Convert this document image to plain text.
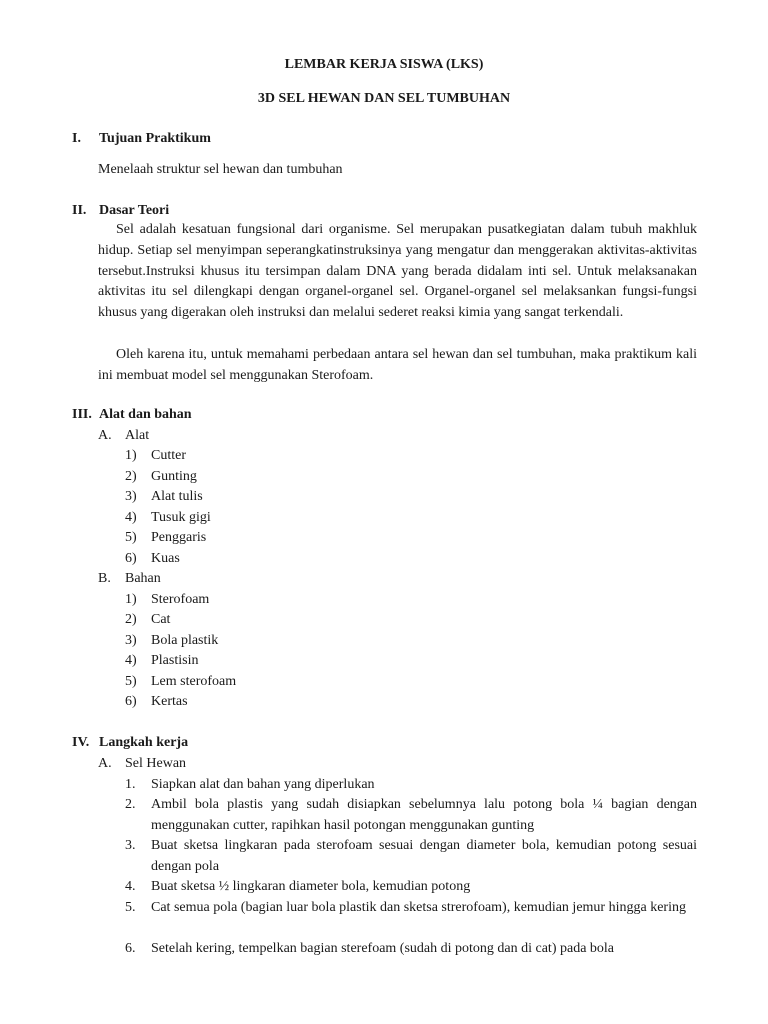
LEMBAR KERJA SISWA (LKS)
3D SEL HEWAN DAN SEL TUMBUHAN
I. Tujuan Praktikum
Menelaah struktur sel hewan dan tumbuhan
II. Dasar Teori

Sel adalah kesatuan fungsional dari organisme. Sel merupakan pusatkegiatan dalam tubuh makhluk hidup. Setiap sel menyimpan seperangkatinstruksinya yang mengatur dan menggerakan aktivitas-aktivitas tersebut.Instruksi khusus itu tersimpan dalam DNA yang berada didalam inti sel. Untuk melaksanakan aktivitas itu sel dilengkapi dengan organel-organel sel. Organel-organel sel melaksankan fungsi-fungsi khusus yang digerakan oleh instruksi dan melalui sederet reaksi kimia yang sangat terkendali.

Oleh karena itu, untuk memahami perbedaan antara sel hewan dan sel tumbuhan, maka praktikum kali ini membuat model sel menggunakan Sterofoam.

III. Alat dan bahan
A. Alat
1) Cutter
2) Gunting
3) Alat tulis
4) Tusuk gigi
5) Penggaris
6) Kuas
B. Bahan
1) Sterofoam
2) Cat
3) Bola plastik
4) Plastisin
5) Lem sterofoam
6) Kertas
IV. Langkah kerja
A. Sel Hewan
1.	Siapkan alat dan bahan yang diperlukan
2.	Ambil bola plastis yang sudah disiapkan sebelumnya lalu potong bola ¼ bagian dengan menggunakan cutter, rapihkan hasil potongan menggunakan gunting
3.	Buat sketsa lingkaran pada sterofoam sesuai dengan diameter bola, kemudian potong sesuai dengan pola
4.	Buat sketsa ½ lingkaran diameter bola, kemudian potong
5.	Cat semua pola (bagian luar bola plastik dan sketsa strerofoam), kemudian jemur hingga kering
6.	Setelah kering, tempelkan bagian sterefoam (sudah di potong dan di cat) pada bola
